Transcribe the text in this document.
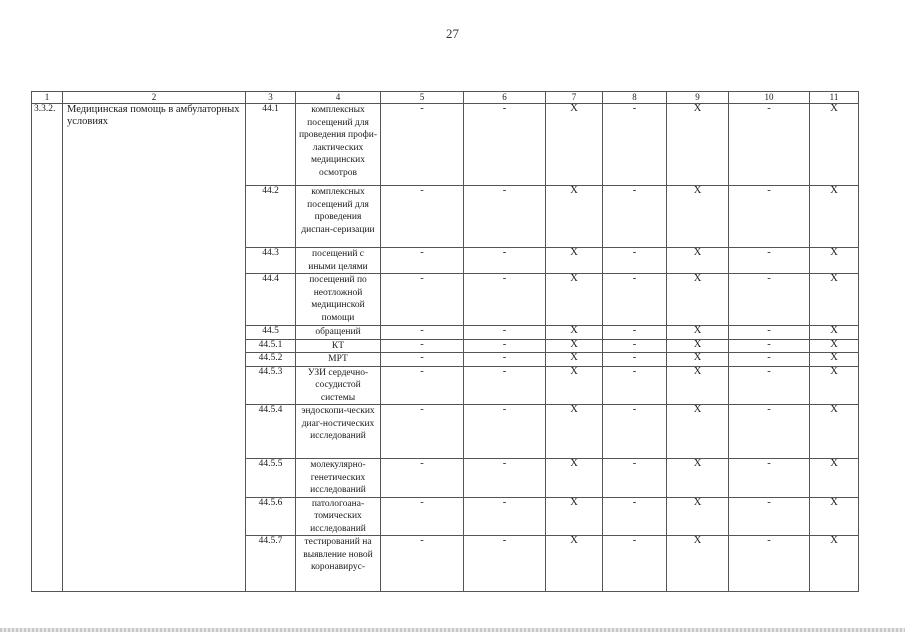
27
1	2	3	4	5	6	7	8	9	10	11
3.3.2.	Медицинская помощь в амбулаторных условиях	44.1	комплексных посещений для проведения профи-лактических медицинских осмотров	-	-	X	-	X	-	X
		44.2	комплексных посещений для проведения диспан-серизации	-	-	X	-	X	-	X
		44.3	посещений с иными целями	-	-	X	-	X	-	X
		44.4	посещений по неотложной медицинской помощи	-	-	X	-	X	-	X
		44.5	обращений	-	-	X	-	X	-	X
		44.5.1	КТ	-	-	X	-	X	-	X
		44.5.2	МРТ	-	-	X	-	X	-	X
		44.5.3	УЗИ сердечно-сосудистой системы	-	-	X	-	X	-	X
		44.5.4	эндоскопи-ческих диаг-ностических исследований	-	-	X	-	X	-	X
		44.5.5	молекулярно-генетических исследований	-	-	X	-	X	-	X
		44.5.6	патологоана-томических исследований	-	-	X	-	X	-	X
		44.5.7	тестирований на выявление новой коронавирус-	-	-	X	-	X	-	X
